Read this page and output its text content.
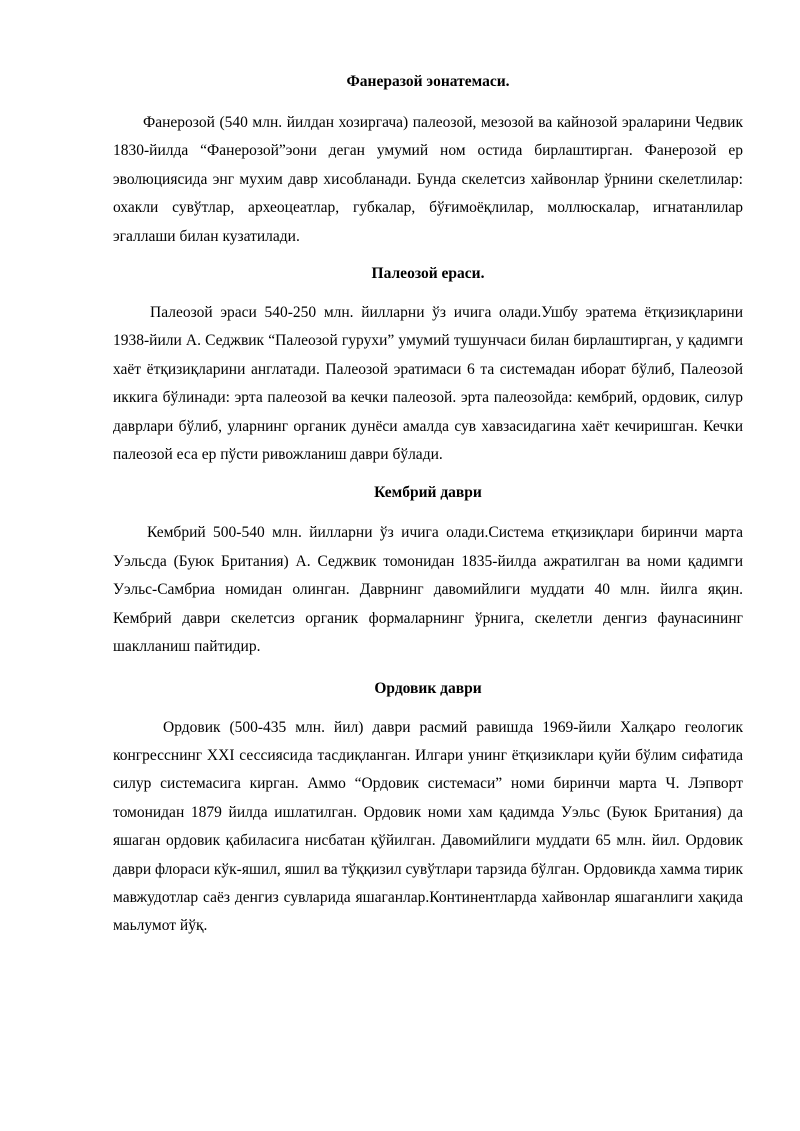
Фанеразой эонатемаси.

Фанерозой (540 млн. йилдан хозиргача) палеозой, мезозой ва кайнозой эраларини Чедвик 1830-йилда “Фанерозой”эони деган умумий ном остида бирлаштирган. Фанерозой ер эволюциясида энг мухим давр хисобланади. Бунда скелетсиз хайвонлар ўрнини скелетлилар: охакли сувўтлар, археоцеатлар, губкалар, бўғимоёқлилар, моллюскалар, игнатанлилар эгаллаши билан кузатилади.

Палеозой ераси.

Палеозой эраси 540-250 млн. йилларни ўз ичига олади.Ушбу эратема ётқизиқларини 1938-йили А. Седжвик “Палеозой гурухи” умумий тушунчаси билан бирлаштирган, у қадимги хаёт ётқизиқларини англатади. Палеозой эратимаси 6 та системадан иборат бўлиб, Палеозой иккига бўлинади: эрта палеозой ва кечки палеозой. эрта палеозойда: кембрий, ордовик, силур даврлари бўлиб, уларнинг органик дунёси амалда сув хавзасидагина хаёт кечиришган. Кечки палеозой еса ер пўсти ривожланиш даври бўлади.

Кембрий даври

Кембрий 500-540 млн. йилларни ўз ичига олади.Система етқизиқлари биринчи марта Уэльсда (Буюк Британия) А. Седжвик томонидан 1835-йилда ажратилган ва номи қадимги Уэльс-Самбриа номидан олинган. Даврнинг давомийлиги муддати 40 млн. йилга яқин. Кембрий даври скелетсиз органик формаларнинг ўрнига, скелетли денгиз фаунасининг шаклланиш пайтидир.

Ордовик даври

Ордовик (500-435 млн. йил) даври расмий равишда 1969-йили Халқаро геологик конгресснинг XXI сессиясида тасдиқланган. Илгари унинг ётқизиклари қуйи бўлим сифатида силур системасига кирган. Аммо “Ордовик системаси” номи биринчи марта Ч. Лэпворт томонидан 1879 йилда ишлатилган. Ордовик номи хам қадимда Уэльс (Буюк Британия) да яшаган ордовик қабиласига нисбатан қўйилган. Давомийлиги муддати 65 млн. йил. Ордовик даври флораси кўк-яшил, яшил ва тўққизил сувўтлари тарзида бўлган. Ордовикда хамма тирик мавжудотлар саёз денгиз сувларида яшаганлар.Континентларда хайвонлар яшаганлиги хақида маьлумот йўқ.
